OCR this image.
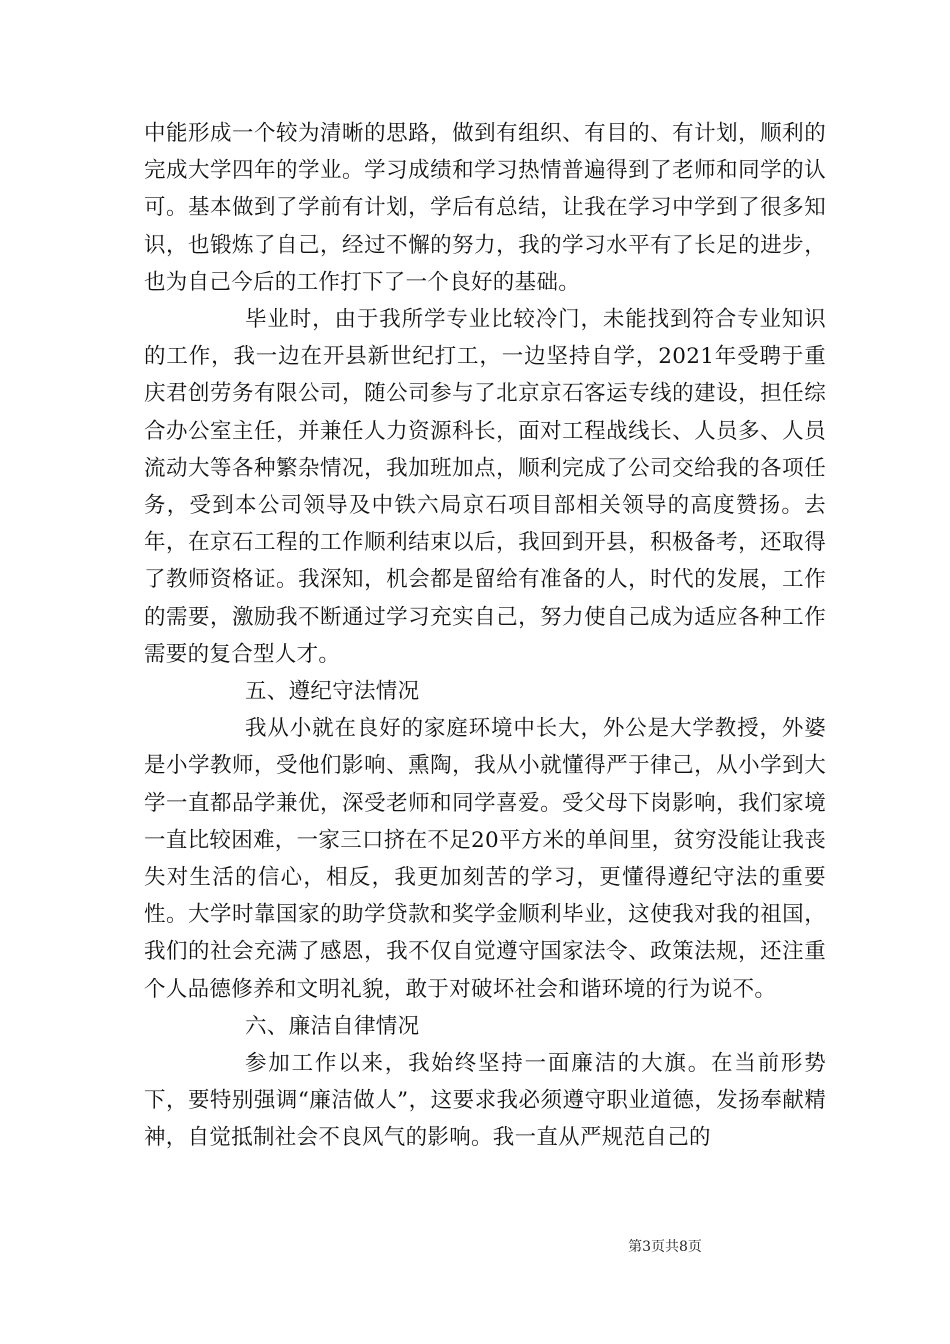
中能形成一个较为清晰的思路，做到有组织、有目的、有计划，顺利的完成大学四年的学业。学习成绩和学习热情普遍得到了老师和同学的认可。基本做到了学前有计划，学后有总结，让我在学习中学到了很多知识，也锻炼了自己，经过不懈的努力，我的学习水平有了长足的进步，也为自己今后的工作打下了一个良好的基础。

毕业时，由于我所学专业比较冷门，未能找到符合专业知识的工作，我一边在开县新世纪打工，一边坚持自学，2021年受聘于重庆君创劳务有限公司，随公司参与了北京京石客运专线的建设，担任综合办公室主任，并兼任人力资源科长，面对工程战线长、人员多、人员流动大等各种繁杂情况，我加班加点，顺利完成了公司交给我的各项任务，受到本公司领导及中铁六局京石项目部相关领导的高度赞扬。去年，在京石工程的工作顺利结束以后，我回到开县，积极备考，还取得了教师资格证。我深知，机会都是留给有准备的人，时代的发展，工作的需要，激励我不断通过学习充实自己，努力使自己成为适应各种工作需要的复合型人才。

五、遵纪守法情况

我从小就在良好的家庭环境中长大，外公是大学教授，外婆是小学教师，受他们影响、熏陶，我从小就懂得严于律己，从小学到大学一直都品学兼优，深受老师和同学喜爱。受父母下岗影响，我们家境一直比较困难，一家三口挤在不足20平方米的单间里，贫穷没能让我丧失对生活的信心，相反，我更加刻苦的学习，更懂得遵纪守法的重要性。大学时靠国家的助学贷款和奖学金顺利毕业，这使我对我的祖国，我们的社会充满了感恩，我不仅自觉遵守国家法令、政策法规，还注重个人品德修养和文明礼貌，敢于对破坏社会和谐环境的行为说不。

六、廉洁自律情况

参加工作以来，我始终坚持一面廉洁的大旗。在当前形势下，要特别强调“廉洁做人”，这要求我必须遵守职业道德，发扬奉献精神，自觉抵制社会不良风气的影响。我一直从严规范自己的

第3页共8页
